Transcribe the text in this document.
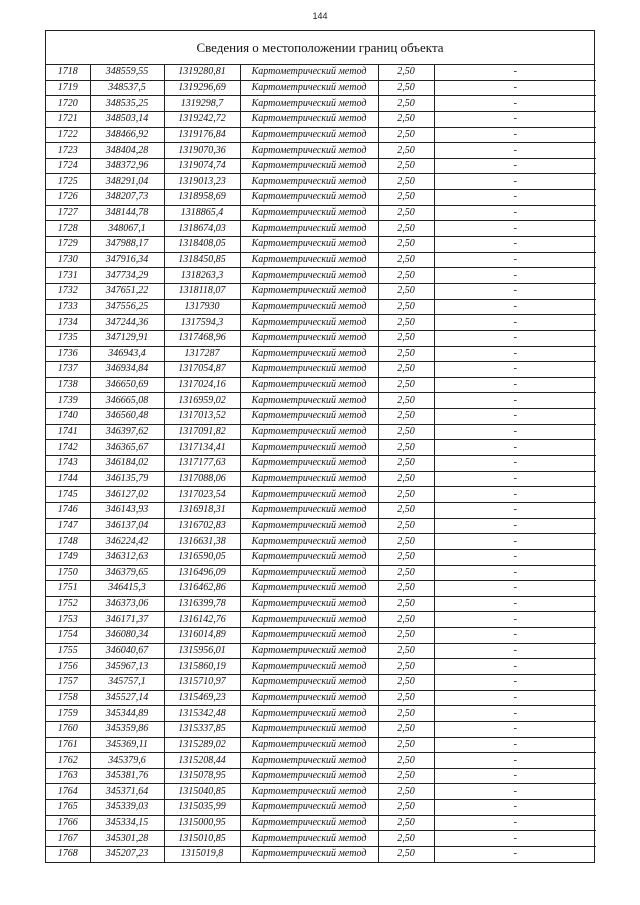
144
Сведения о местоположении границ объекта
1718	348559,55	1319280,81	Картометрический метод	2,50	-
1719	348537,5	1319296,69	Картометрический метод	2,50	-
1720	348535,25	1319298,7	Картометрический метод	2,50	-
1721	348503,14	1319242,72	Картометрический метод	2,50	-
1722	348466,92	1319176,84	Картометрический метод	2,50	-
1723	348404,28	1319070,36	Картометрический метод	2,50	-
1724	348372,96	1319074,74	Картометрический метод	2,50	-
1725	348291,04	1319013,23	Картометрический метод	2,50	-
1726	348207,73	1318958,69	Картометрический метод	2,50	-
1727	348144,78	1318865,4	Картометрический метод	2,50	-
1728	348067,1	1318674,03	Картометрический метод	2,50	-
1729	347988,17	1318408,05	Картометрический метод	2,50	-
1730	347916,34	1318450,85	Картометрический метод	2,50	-
1731	347734,29	1318263,3	Картометрический метод	2,50	-
1732	347651,22	1318118,07	Картометрический метод	2,50	-
1733	347556,25	1317930	Картометрический метод	2,50	-
1734	347244,36	1317594,3	Картометрический метод	2,50	-
1735	347129,91	1317468,96	Картометрический метод	2,50	-
1736	346943,4	1317287	Картометрический метод	2,50	-
1737	346934,84	1317054,87	Картометрический метод	2,50	-
1738	346650,69	1317024,16	Картометрический метод	2,50	-
1739	346665,08	1316959,02	Картометрический метод	2,50	-
1740	346560,48	1317013,52	Картометрический метод	2,50	-
1741	346397,62	1317091,82	Картометрический метод	2,50	-
1742	346365,67	1317134,41	Картометрический метод	2,50	-
1743	346184,02	1317177,63	Картометрический метод	2,50	-
1744	346135,79	1317088,06	Картометрический метод	2,50	-
1745	346127,02	1317023,54	Картометрический метод	2,50	-
1746	346143,93	1316918,31	Картометрический метод	2,50	-
1747	346137,04	1316702,83	Картометрический метод	2,50	-
1748	346224,42	1316631,38	Картометрический метод	2,50	-
1749	346312,63	1316590,05	Картометрический метод	2,50	-
1750	346379,65	1316496,09	Картометрический метод	2,50	-
1751	346415,3	1316462,86	Картометрический метод	2,50	-
1752	346373,06	1316399,78	Картометрический метод	2,50	-
1753	346171,37	1316142,76	Картометрический метод	2,50	-
1754	346080,34	1316014,89	Картометрический метод	2,50	-
1755	346040,67	1315956,01	Картометрический метод	2,50	-
1756	345967,13	1315860,19	Картометрический метод	2,50	-
1757	345757,1	1315710,97	Картометрический метод	2,50	-
1758	345527,14	1315469,23	Картометрический метод	2,50	-
1759	345344,89	1315342,48	Картометрический метод	2,50	-
1760	345359,86	1315337,85	Картометрический метод	2,50	-
1761	345369,11	1315289,02	Картометрический метод	2,50	-
1762	345379,6	1315208,44	Картометрический метод	2,50	-
1763	345381,76	1315078,95	Картометрический метод	2,50	-
1764	345371,64	1315040,85	Картометрический метод	2,50	-
1765	345339,03	1315035,99	Картометрический метод	2,50	-
1766	345334,15	1315000,95	Картометрический метод	2,50	-
1767	345301,28	1315010,85	Картометрический метод	2,50	-
1768	345207,23	1315019,8	Картометрический метод	2,50	-
